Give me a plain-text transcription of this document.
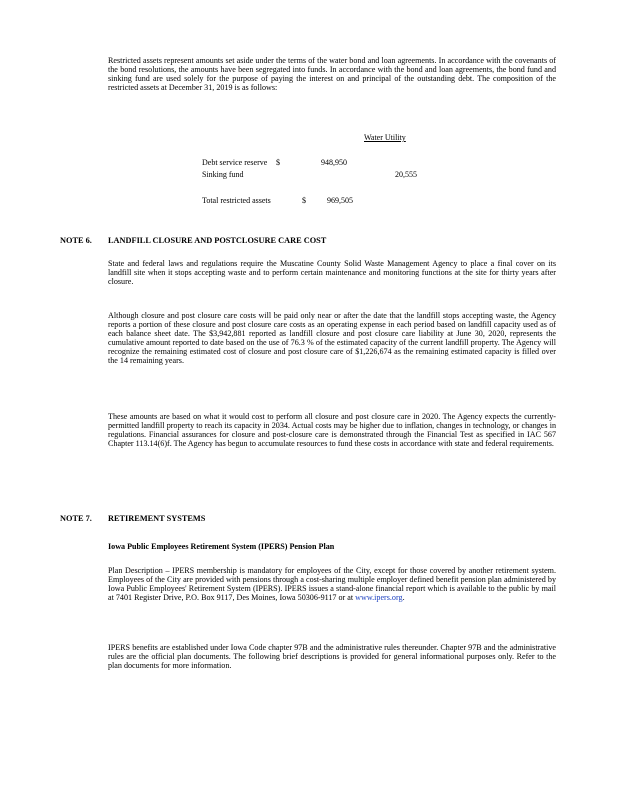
Restricted assets represent amounts set aside under the terms of the water bond and loan agreements. In accordance with the covenants of the bond resolutions, the amounts have been segregated into funds. In accordance with the bond and loan agreements, the bond fund and sinking fund are used solely for the purpose of paying the interest on and principal of the outstanding debt. The composition of the restricted assets at December 31, 2019 is as follows:

Water Utility
Debt service reserve $	948,950
Sinking fund	20,555
Total restricted assets	$	969,505
NOTE 6. LANDFILL CLOSURE AND POSTCLOSURE CARE COST

State and federal laws and regulations require the Muscatine County Solid Waste Management Agency to place a final cover on its landfill site when it stops accepting waste and to perform certain maintenance and monitoring functions at the site for thirty years after closure.

Although closure and post closure care costs will be paid only near or after the date that the landfill stops accepting waste, the Agency reports a portion of these closure and post closure care costs as an operating expense in each period based on landfill capacity used as of each balance sheet date. The $3,942,881 reported as landfill closure and post closure care liability at June 30, 2020, represents the cumulative amount reported to date based on the use of 76.3 % of the estimated capacity of the current landfill property. The Agency will recognize the remaining estimated cost of closure and post closure care of $1,226,674 as the remaining estimated capacity is filled over the 14 remaining years.

These amounts are based on what it would cost to perform all closure and post closure care in 2020. The Agency expects the currently-permitted landfill property to reach its capacity in 2034. Actual costs may be higher due to inflation, changes in technology, or changes in regulations. Financial assurances for closure and post-closure care is demonstrated through the Financial Test as specified in IAC 567 Chapter 113.14(6)f. The Agency has begun to accumulate resources to fund these costs in accordance with state and federal requirements.

NOTE 7. RETIREMENT SYSTEMS
Iowa Public Employees Retirement System (IPERS) Pension Plan

Plan Description – IPERS membership is mandatory for employees of the City, except for those covered by another retirement system. Employees of the City are provided with pensions through a cost-sharing multiple employer defined benefit pension plan administered by Iowa Public Employees' Retirement System (IPERS). IPERS issues a stand-alone financial report which is available to the public by mail at 7401 Register Drive, P.O. Box 9117, Des Moines, Iowa 50306-9117 or at www.ipers.org.

IPERS benefits are established under Iowa Code chapter 97B and the administrative rules thereunder. Chapter 97B and the administrative rules are the official plan documents. The following brief descriptions is provided for general informational purposes only. Refer to the plan documents for more information.
